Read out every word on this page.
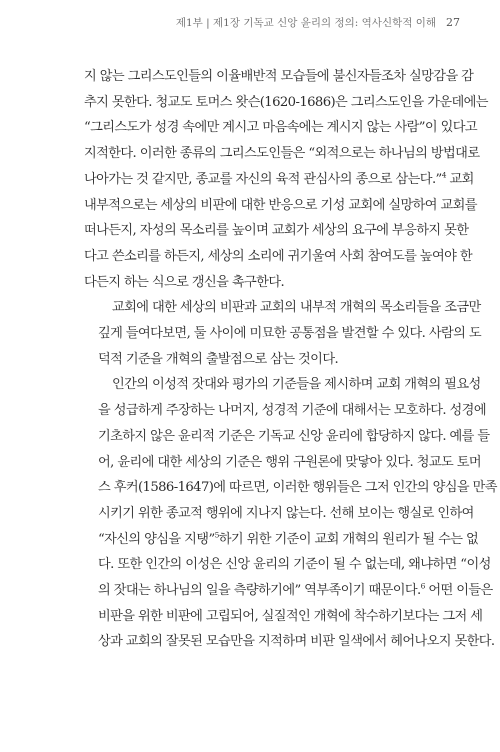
제1부 | 제1장 기독교 신앙 윤리의 정의: 역사신학적 이해 27
지 않는 그리스도인들의 이율배반적 모습들에 불신자들조차 실망감을 감
추지 못한다. 청교도 토머스 왓슨(1620-1686)은 그리스도인을 가운데에는
“그리스도가 성경 속에만 계시고 마음속에는 계시지 않는 사람”이 있다고
지적한다. 이러한 종류의 그리스도인들은 “외적으로는 하나님의 방법대로
나아가는 것 같지만, 종교를 자신의 육적 관심사의 종으로 삼는다.”$^4$ 교회
내부적으로는 세상의 비판에 대한 반응으로 기성 교회에 실망하여 교회를
떠나든지, 자성의 목소리를 높이며 교회가 세상의 요구에 부응하지 못한
다고 쓴소리를 하든지, 세상의 소리에 귀기울여 사회 참여도를 높여야 한
다든지 하는 식으로 갱신을 촉구한다.
교회에 대한 세상의 비판과 교회의 내부적 개혁의 목소리들을 조금만
깊게 들여다보면, 둘 사이에 미묘한 공통점을 발견할 수 있다. 사람의 도
덕적 기준을 개혁의 출발점으로 삼는 것이다.
인간의 이성적 잣대와 평가의 기준들을 제시하며 교회 개혁의 필요성
을 성급하게 주장하는 나머지, 성경적 기준에 대해서는 모호하다. 성경에
기초하지 않은 윤리적 기준은 기독교 신앙 윤리에 합당하지 않다. 예를 들
어, 윤리에 대한 세상의 기준은 행위 구원론에 맞닿아 있다. 청교도 토머
스 후커(1586-1647)에 따르면, 이러한 행위들은 그저 인간의 양심을 만족
시키기 위한 종교적 행위에 지나지 않는다. 선해 보이는 행실로 인하여
“자신의 양심을 지탱”$^5$하기 위한 기준이 교회 개혁의 원리가 될 수는 없
다. 또한 인간의 이성은 신앙 윤리의 기준이 될 수 없는데, 왜냐하면 “이성
의 잣대는 하나님의 일을 측량하기에” 역부족이기 때문이다.$^6$ 어떤 이들은
비판을 위한 비판에 고립되어, 실질적인 개혁에 착수하기보다는 그저 세
상과 교회의 잘못된 모습만을 지적하며 비판 일색에서 헤어나오지 못한다.
